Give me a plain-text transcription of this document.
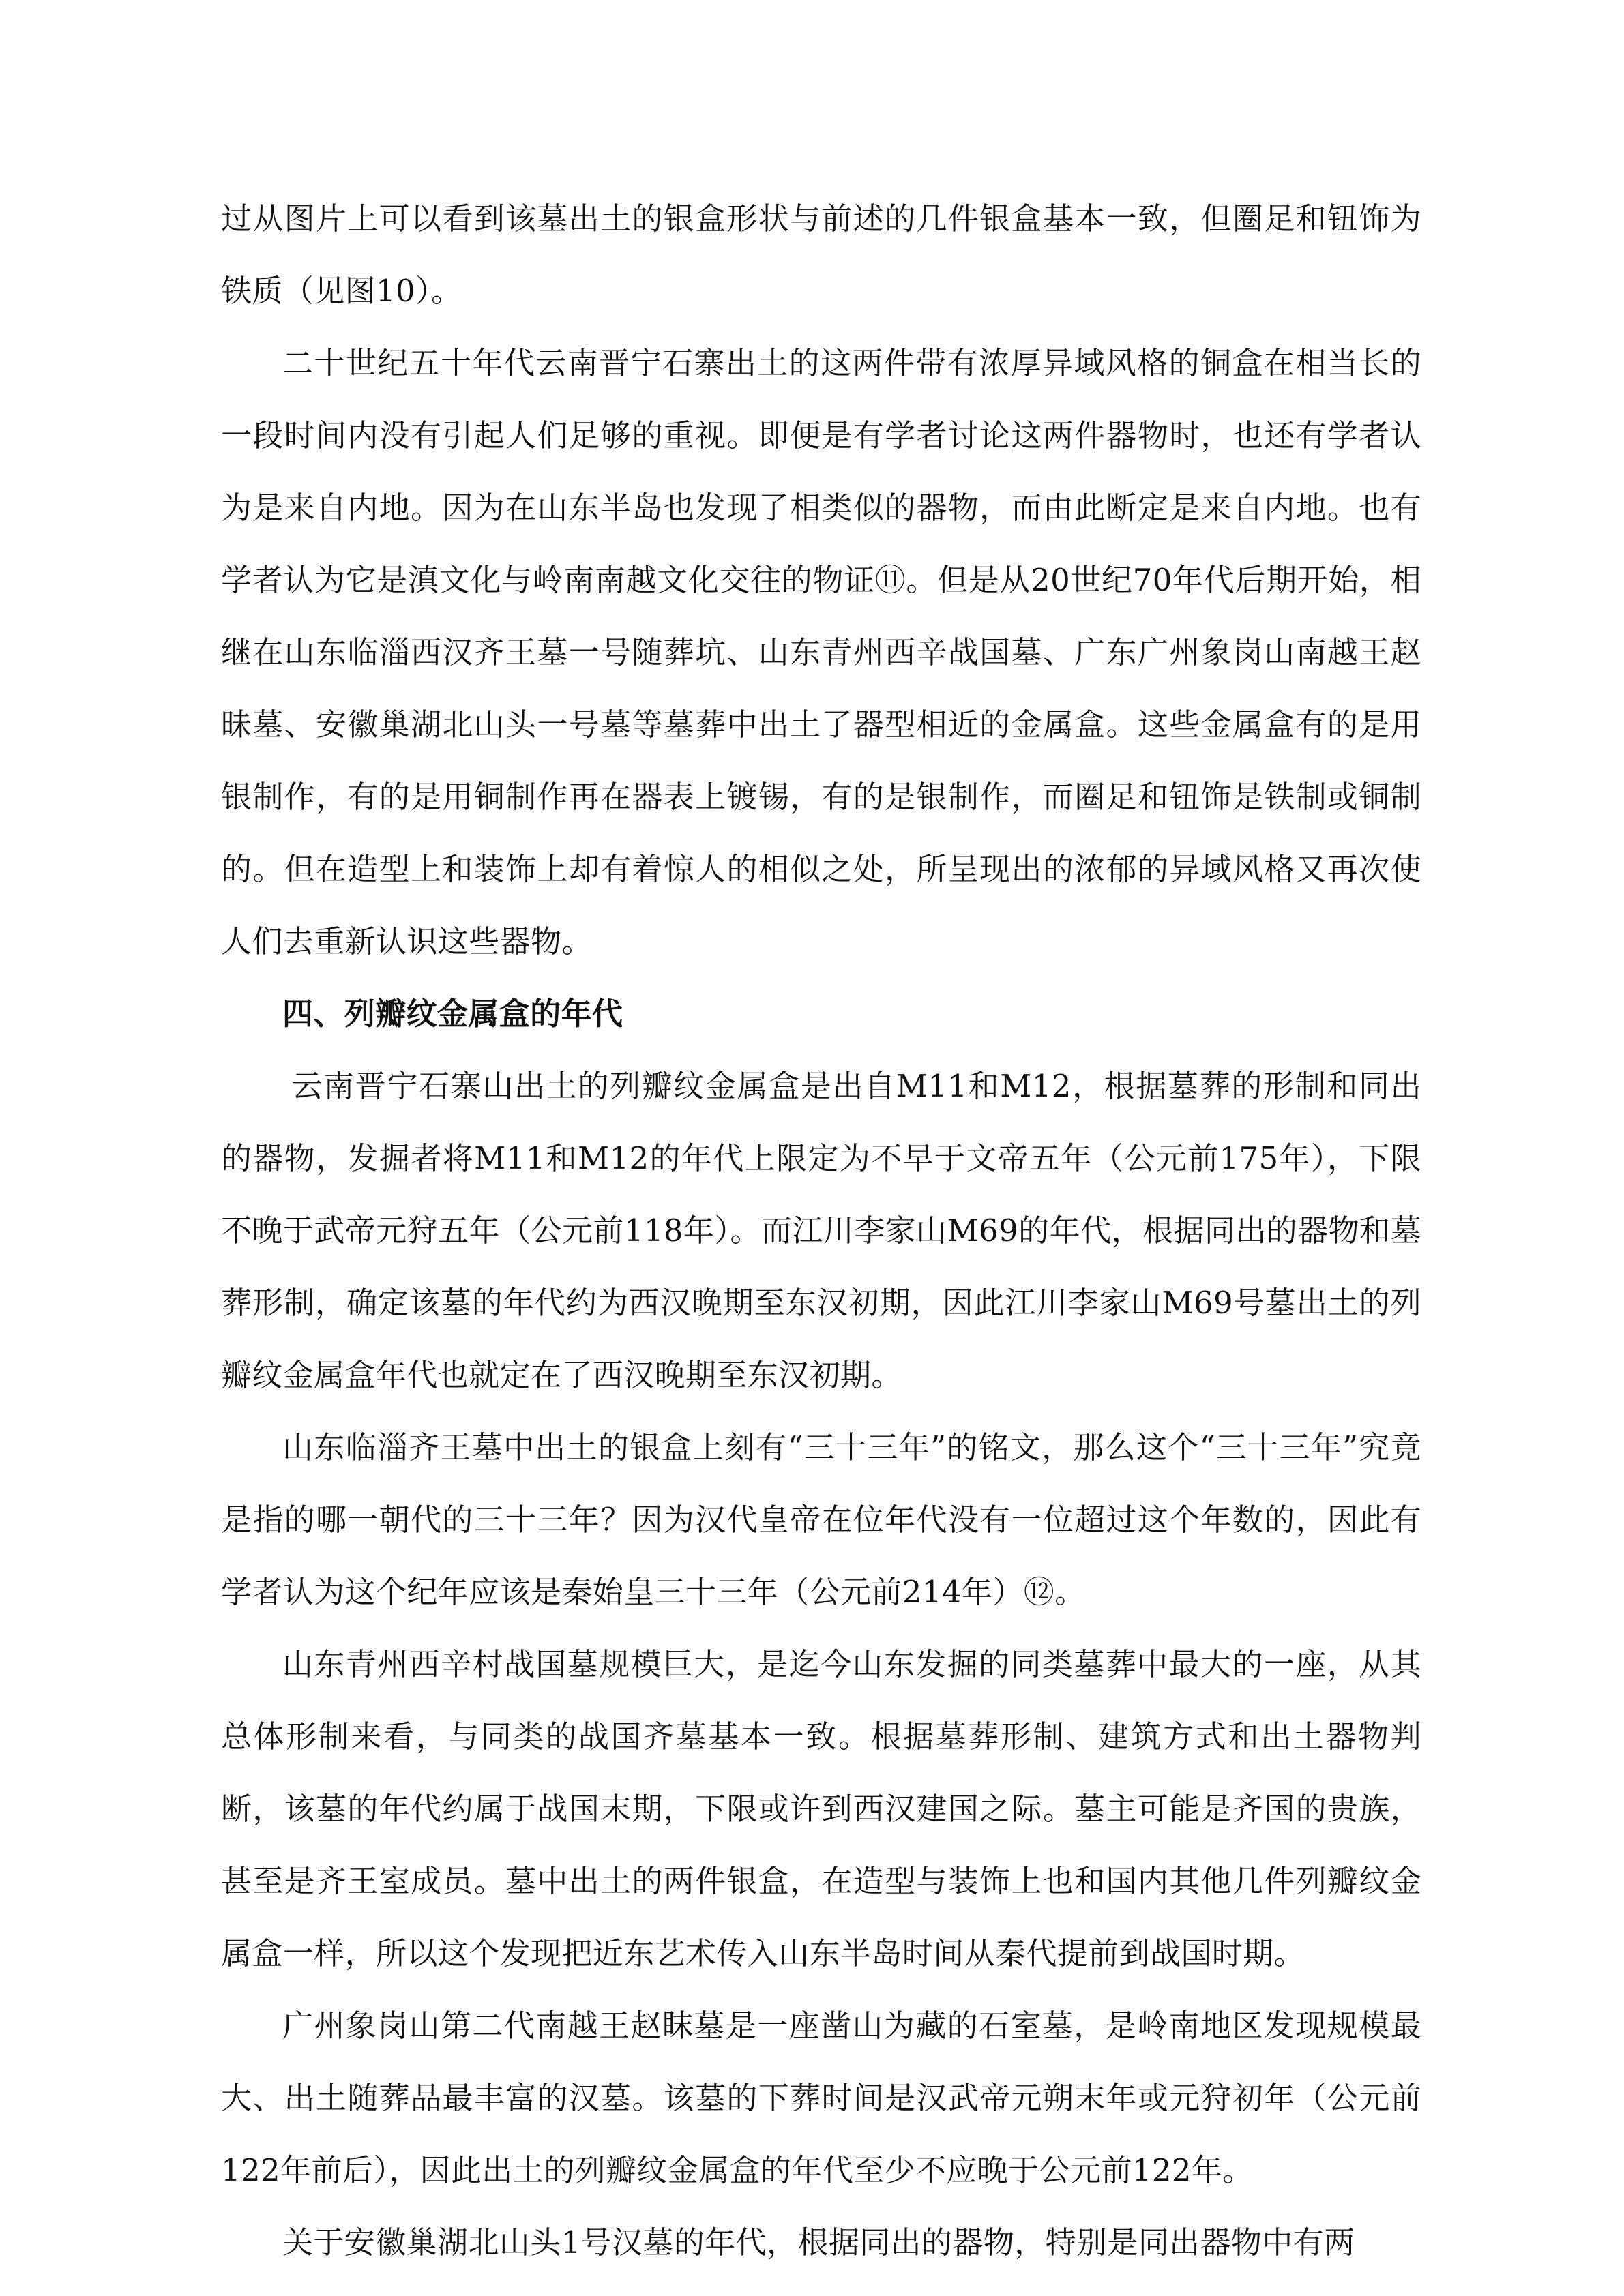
过从图片上可以看到该墓出土的银盒形状与前述的几件银盒基本一致，但圈足和钮饰为铁质（见图10）。

二十世纪五十年代云南晋宁石寨出土的这两件带有浓厚异域风格的铜盒在相当长的一段时间内没有引起人们足够的重视。即便是有学者讨论这两件器物时，也还有学者认为是来自内地。因为在山东半岛也发现了相类似的器物，而由此断定是来自内地。也有学者认为它是滇文化与岭南南越文化交往的物证⑪。但是从20世纪70年代后期开始，相继在山东临淄西汉齐王墓一号随葬坑、山东青州西辛战国墓、广东广州象岗山南越王赵昧墓、安徽巢湖北山头一号墓等墓葬中出土了器型相近的金属盒。这些金属盒有的是用银制作，有的是用铜制作再在器表上镀锡，有的是银制作，而圈足和钮饰是铁制或铜制的。但在造型上和装饰上却有着惊人的相似之处，所呈现出的浓郁的异域风格又再次使人们去重新认识这些器物。

四、列瓣纹金属盒的年代

云南晋宁石寨山出土的列瓣纹金属盒是出自M11和M12，根据墓葬的形制和同出的器物，发掘者将M11和M12的年代上限定为不早于文帝五年（公元前175年），下限不晚于武帝元狩五年（公元前118年）。而江川李家山M69的年代，根据同出的器物和墓葬形制，确定该墓的年代约为西汉晚期至东汉初期，因此江川李家山M69号墓出土的列瓣纹金属盒年代也就定在了西汉晚期至东汉初期。

山东临淄齐王墓中出土的银盒上刻有“三十三年”的铭文，那么这个“三十三年”究竟是指的哪一朝代的三十三年？因为汉代皇帝在位年代没有一位超过这个年数的，因此有学者认为这个纪年应该是秦始皇三十三年（公元前214年）⑫。

山东青州西辛村战国墓规模巨大，是迄今山东发掘的同类墓葬中最大的一座，从其总体形制来看，与同类的战国齐墓基本一致。根据墓葬形制、建筑方式和出土器物判断，该墓的年代约属于战国末期，下限或许到西汉建国之际。墓主可能是齐国的贵族，甚至是齐王室成员。墓中出土的两件银盒，在造型与装饰上也和国内其他几件列瓣纹金属盒一样，所以这个发现把近东艺术传入山东半岛时间从秦代提前到战国时期。

广州象岗山第二代南越王赵眜墓是一座凿山为藏的石室墓，是岭南地区发现规模最大、出土随葬品最丰富的汉墓。该墓的下葬时间是汉武帝元朔末年或元狩初年（公元前122年前后），因此出土的列瓣纹金属盒的年代至少不应晚于公元前122年。

关于安徽巢湖北山头1号汉墓的年代，根据同出的器物，特别是同出器物中有两
